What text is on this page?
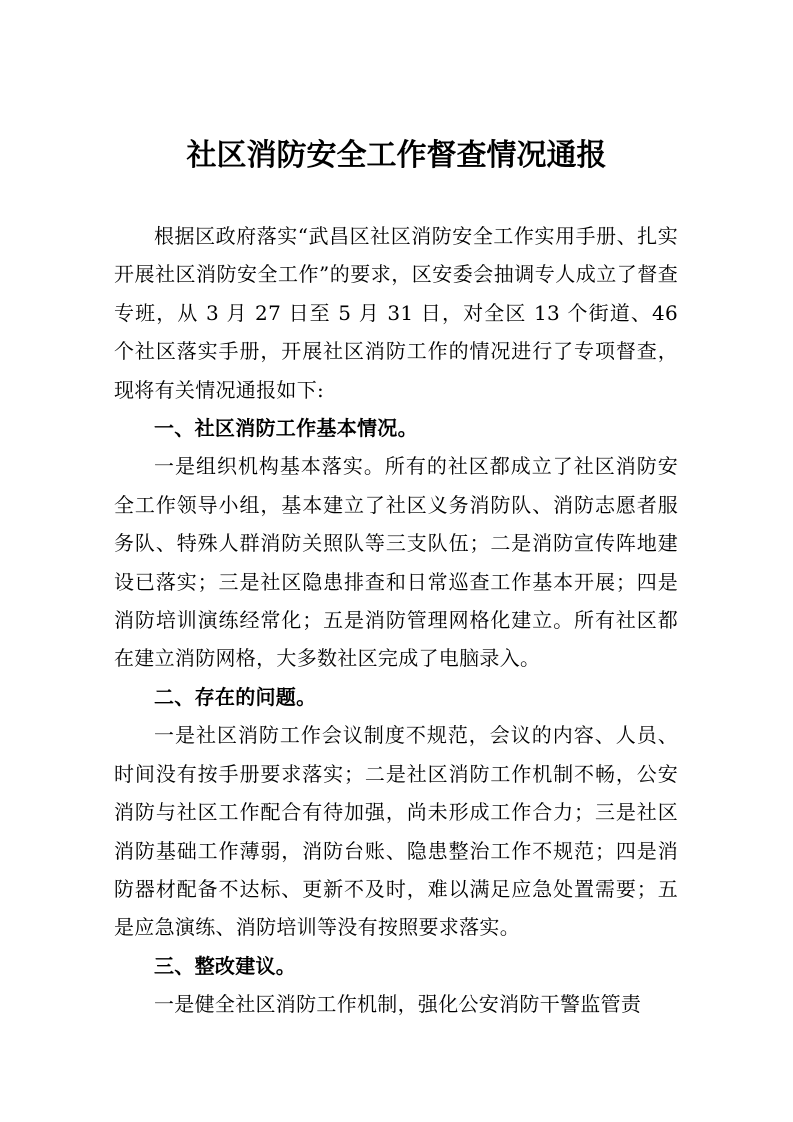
社区消防安全工作督查情况通报

根据区政府落实“武昌区社区消防安全工作实用手册、扎实开展社区消防安全工作”的要求，区安委会抽调专人成立了督查专班，从 3 月 27 日至 5 月 31 日，对全区 13 个街道、46 个社区落实手册，开展社区消防工作的情况进行了专项督查，现将有关情况通报如下:

一、社区消防工作基本情况。

一是组织机构基本落实。所有的社区都成立了社区消防安全工作领导小组，基本建立了社区义务消防队、消防志愿者服务队、特殊人群消防关照队等三支队伍；二是消防宣传阵地建设已落实；三是社区隐患排查和日常巡查工作基本开展；四是消防培训演练经常化；五是消防管理网格化建立。所有社区都在建立消防网格，大多数社区完成了电脑录入。

二、存在的问题。

一是社区消防工作会议制度不规范，会议的内容、人员、时间没有按手册要求落实；二是社区消防工作机制不畅，公安消防与社区工作配合有待加强，尚未形成工作合力；三是社区消防基础工作薄弱，消防台账、隐患整治工作不规范；四是消防器材配备不达标、更新不及时，难以满足应急处置需要；五是应急演练、消防培训等没有按照要求落实。

三、整改建议。

一是健全社区消防工作机制，强化公安消防干警监管责
